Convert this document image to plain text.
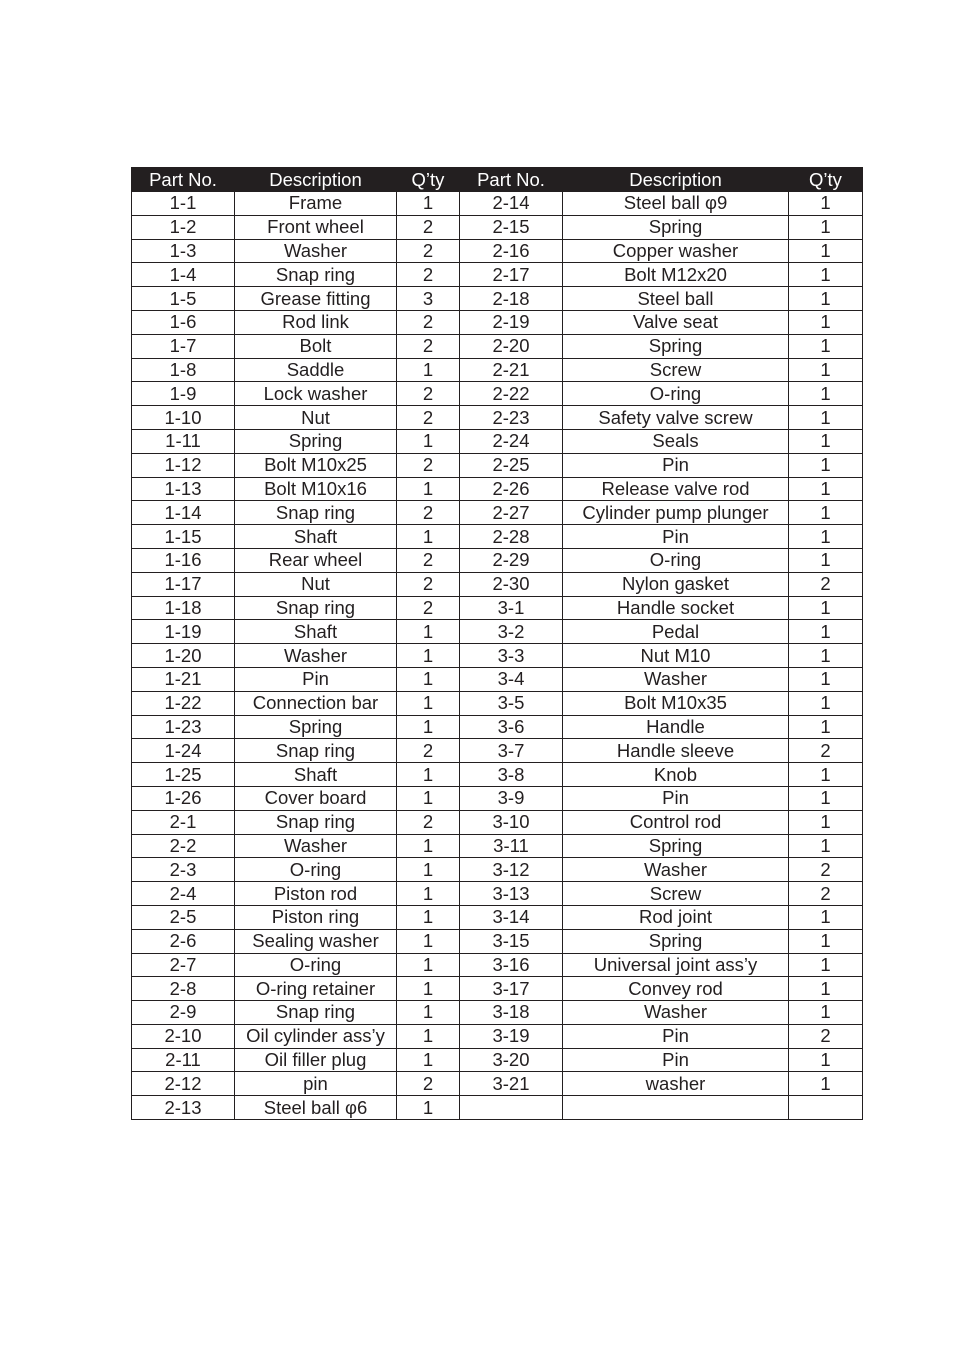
Part No.	Description	Q’ty	Part No.	Description	Q’ty
1-1	Frame	1	2-14	Steel ball φ9	1
1-2	Front wheel	2	2-15	Spring	1
1-3	Washer	2	2-16	Copper washer	1
1-4	Snap ring	2	2-17	Bolt M12x20	1
1-5	Grease fitting	3	2-18	Steel ball	1
1-6	Rod link	2	2-19	Valve seat	1
1-7	Bolt	2	2-20	Spring	1
1-8	Saddle	1	2-21	Screw	1
1-9	Lock washer	2	2-22	O-ring	1
1-10	Nut	2	2-23	Safety valve screw	1
1-11	Spring	1	2-24	Seals	1
1-12	Bolt M10x25	2	2-25	Pin	1
1-13	Bolt M10x16	1	2-26	Release valve rod	1
1-14	Snap ring	2	2-27	Cylinder pump plunger	1
1-15	Shaft	1	2-28	Pin	1
1-16	Rear wheel	2	2-29	O-ring	1
1-17	Nut	2	2-30	Nylon gasket	2
1-18	Snap ring	2	3-1	Handle socket	1
1-19	Shaft	1	3-2	Pedal	1
1-20	Washer	1	3-3	Nut M10	1
1-21	Pin	1	3-4	Washer	1
1-22	Connection bar	1	3-5	Bolt M10x35	1
1-23	Spring	1	3-6	Handle	1
1-24	Snap ring	2	3-7	Handle sleeve	2
1-25	Shaft	1	3-8	Knob	1
1-26	Cover board	1	3-9	Pin	1
2-1	Snap ring	2	3-10	Control rod	1
2-2	Washer	1	3-11	Spring	1
2-3	O-ring	1	3-12	Washer	2
2-4	Piston rod	1	3-13	Screw	2
2-5	Piston ring	1	3-14	Rod joint	1
2-6	Sealing washer	1	3-15	Spring	1
2-7	O-ring	1	3-16	Universal joint ass’y	1
2-8	O-ring retainer	1	3-17	Convey rod	1
2-9	Snap ring	1	3-18	Washer	1
2-10	Oil cylinder ass’y	1	3-19	Pin	2
2-11	Oil filler plug	1	3-20	Pin	1
2-12	pin	2	3-21	washer	1
2-13	Steel ball φ6	1			
